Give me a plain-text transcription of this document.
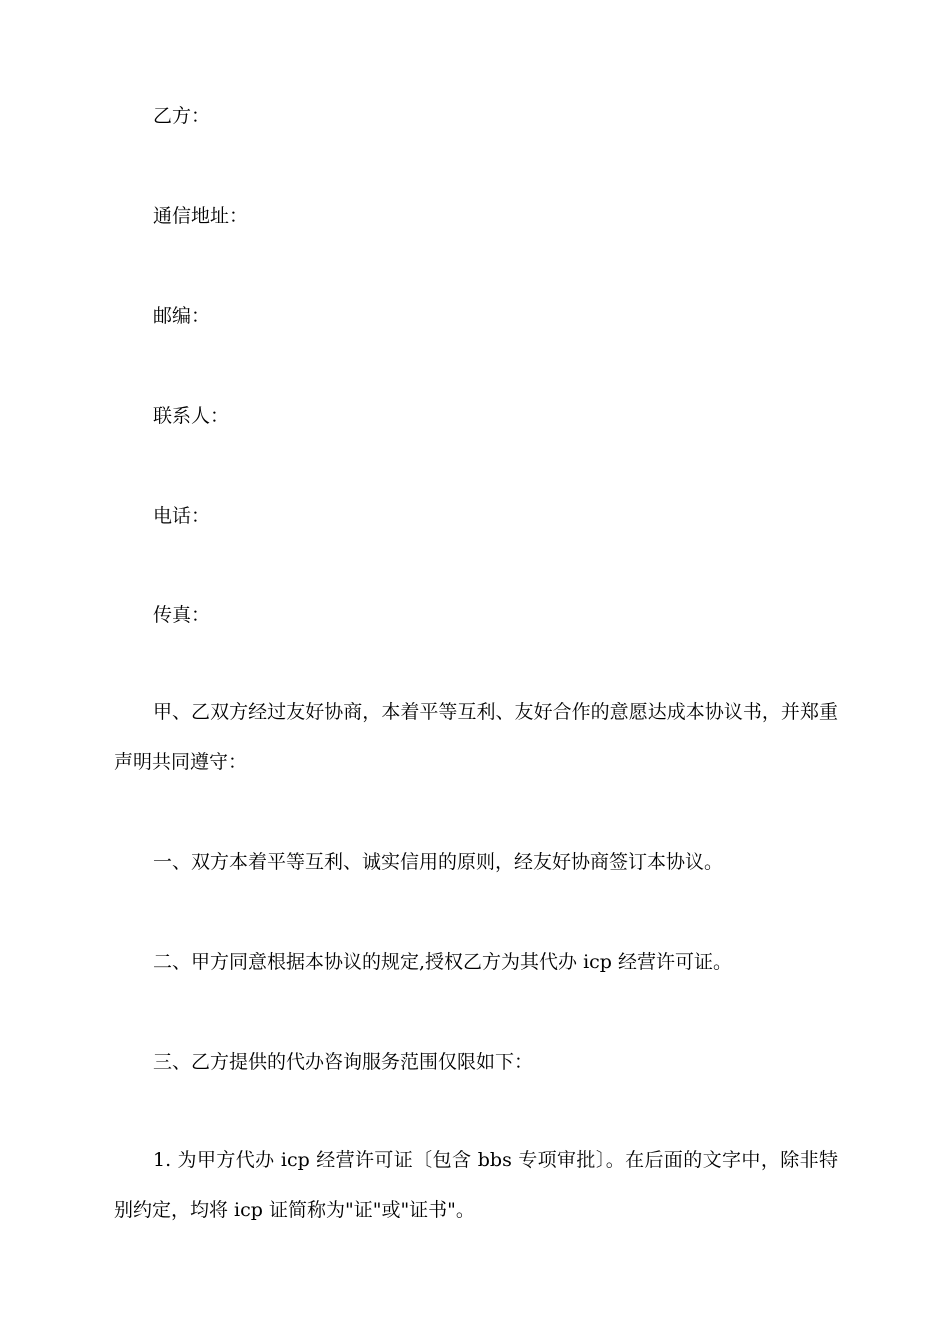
乙方：

通信地址：

邮编：

联系人：

电话：

传真：

甲、乙双方经过友好协商，本着平等互利、友好合作的意愿达成本协议书，并郑重声明共同遵守：

一、双方本着平等互利、诚实信用的原则，经友好协商签订本协议。

二、甲方同意根据本协议的规定,授权乙方为其代办 icp 经营许可证。

三、乙方提供的代办咨询服务范围仅限如下：

1. 为甲方代办 icp 经营许可证〔包含 bbs 专项审批〕。在后面的文字中，除非特别约定，均将 icp 证简称为"证"或"证书"。
